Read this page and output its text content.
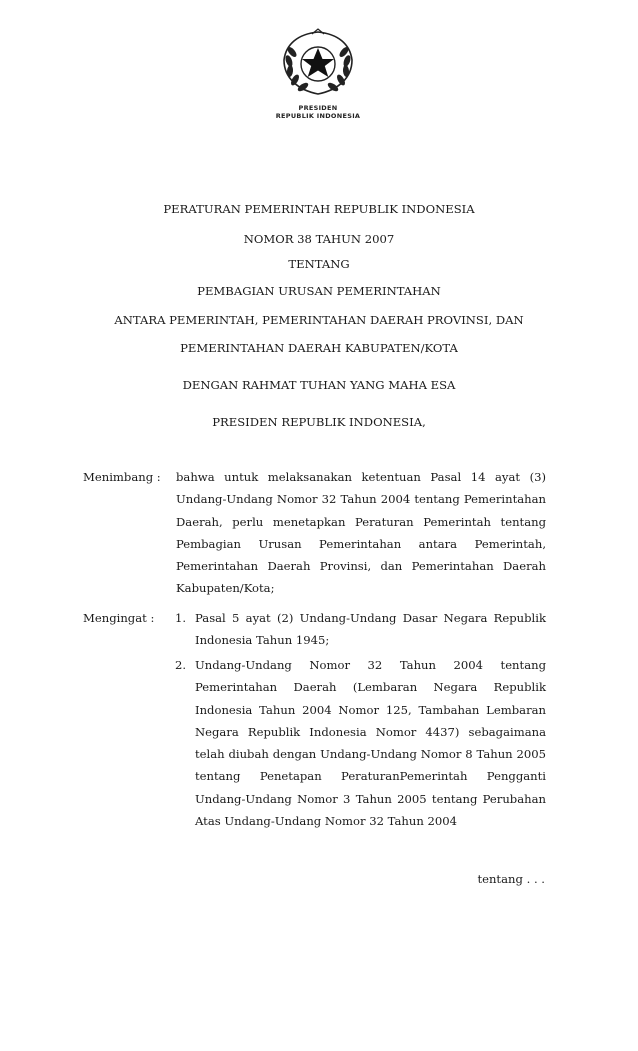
PRESIDEN
REPUBLIK INDONESIA
PERATURAN PEMERINTAH REPUBLIK INDONESIA
NOMOR 38 TAHUN 2007
TENTANG
PEMBAGIAN URUSAN PEMERINTAHAN
ANTARA PEMERINTAH, PEMERINTAHAN DAERAH PROVINSI, DAN
PEMERINTAHAN DAERAH KABUPATEN/KOTA
DENGAN RAHMAT TUHAN YANG MAHA ESA
PRESIDEN REPUBLIK INDONESIA,
Menimbang : bahwa untuk melaksanakan ketentuan Pasal 14 ayat (3) Undang-Undang Nomor 32 Tahun 2004 tentang Pemerintahan Daerah, perlu menetapkan Peraturan Pemerintah tentang Pembagian Urusan Pemerintahan antara Pemerintah, Pemerintahan Daerah Provinsi, dan Pemerintahan Daerah Kabupaten/Kota;
Mengingat : 1. Pasal 5 ayat (2) Undang-Undang Dasar Negara Republik Indonesia Tahun 1945;
2. Undang-Undang Nomor 32 Tahun 2004 tentang Pemerintahan Daerah (Lembaran Negara Republik Indonesia Tahun 2004 Nomor 125, Tambahan Lembaran Negara Republik Indonesia Nomor 4437) sebagaimana telah diubah dengan Undang-Undang Nomor 8 Tahun 2005 tentang Penetapan PeraturanPemerintah Pengganti Undang-Undang Nomor 3 Tahun 2005 tentang Perubahan Atas Undang-Undang Nomor 32 Tahun 2004
tentang . . .
